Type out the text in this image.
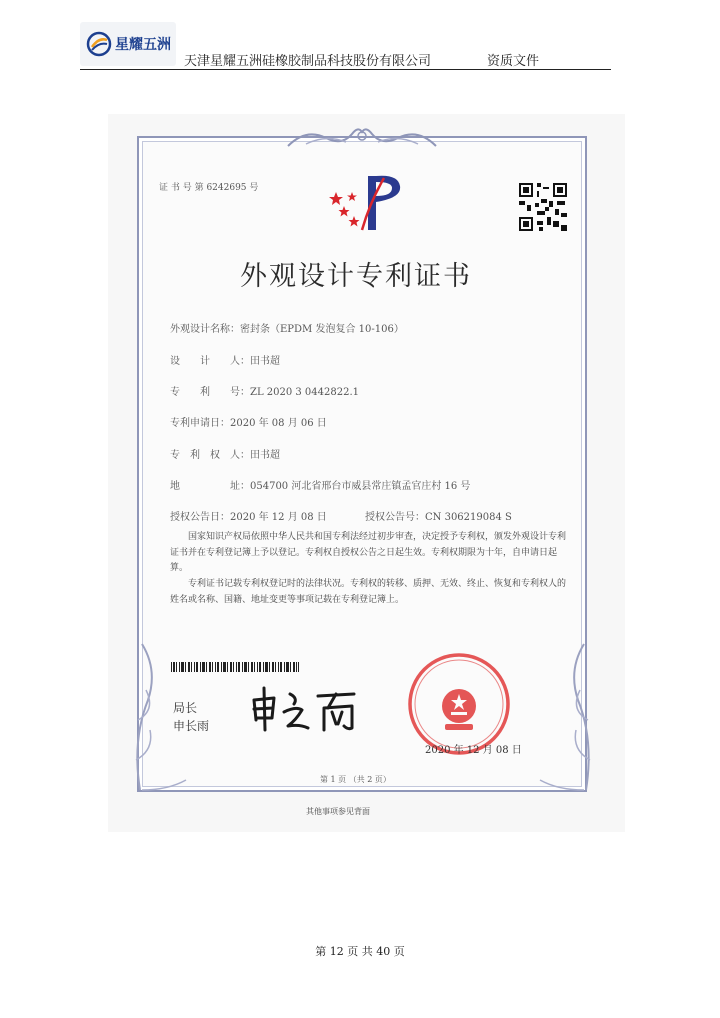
星耀五洲
天津星耀五洲硅橡胶制品科技股份有限公司	资质文件
证 书 号 第 6242695 号
外观设计专利证书
外观设计名称：密封条（EPDM 发泡复合 10-106）
设　　计　　人：田书超
专　　利　　号：ZL 2020 3 0442822.1
专利申请日：2020 年 08 月 06 日
专　利　权　人：田书超
地　　　　　址：054700 河北省邢台市威县常庄镇孟官庄村 16 号
授权公告日：2020 年 12 月 08 日	授权公告号：CN 306219084 S
国家知识产权局依照中华人民共和国专利法经过初步审查，决定授予专利权，颁发外观设计专利证书并在专利登记簿上予以登记。专利权自授权公告之日起生效。专利权期限为十年，自申请日起算。
专利证书记载专利权登记时的法律状况。专利权的转移、质押、无效、终止、恢复和专利权人的姓名或名称、国籍、地址变更等事项记载在专利登记簿上。
局长
申长雨
2020 年 12 月 08 日
第 1 页 （共 2 页）
其他事项参见背面
第 12 页 共 40 页
